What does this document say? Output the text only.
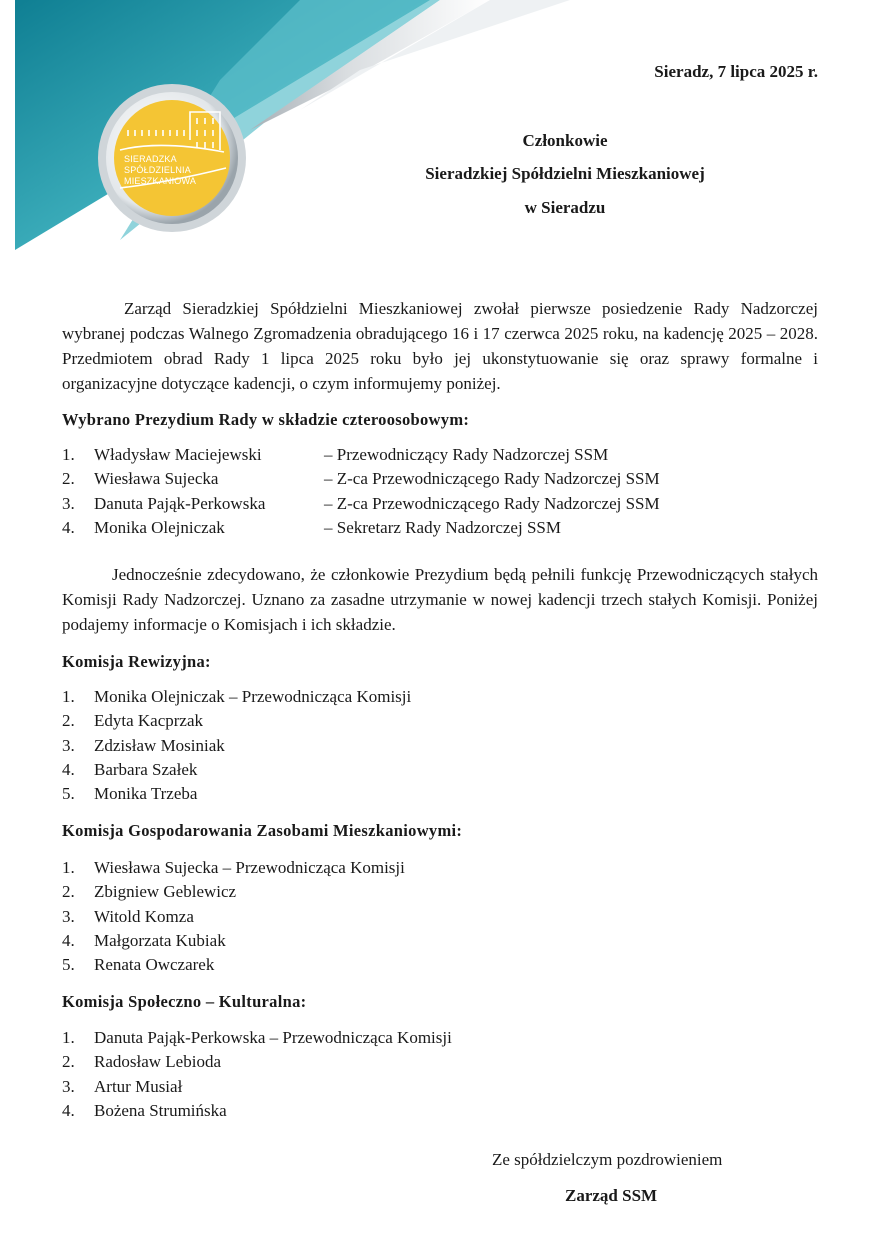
SIERADZKA
SPÓŁDZIELNIA
MIESZKANIOWA
Sieradz, 7 lipca 2025 r.
Członkowie
Sieradzkiej Spółdzielni Mieszkaniowej
w Sieradzu

Zarząd Sieradzkiej Spółdzielni Mieszkaniowej zwołał pierwsze posiedzenie Rady Nadzorczej wybranej podczas Walnego Zgromadzenia obradującego 16 i 17 czerwca 2025 roku, na kadencję 2025 – 2028. Przedmiotem obrad Rady 1 lipca 2025 roku było jej ukonstytuowanie się oraz sprawy formalne i organizacyjne dotyczące kadencji, o czym informujemy poniżej.

Wybrano Prezydium Rady w składzie czteroosobowym:
1. Władysław Maciejewski	– Przewodniczący Rady Nadzorczej SSM
2. Wiesława Sujecka	– Z-ca Przewodniczącego Rady Nadzorczej SSM
3. Danuta Pająk-Perkowska	– Z-ca Przewodniczącego Rady Nadzorczej SSM
4. Monika Olejniczak	– Sekretarz Rady Nadzorczej SSM

Jednocześnie zdecydowano, że członkowie Prezydium będą pełnili funkcję Przewodniczących stałych Komisji Rady Nadzorczej. Uznano za zasadne utrzymanie w nowej kadencji trzech stałych Komisji. Poniżej podajemy informacje o Komisjach i ich składzie.

Komisja Rewizyjna:
1. Monika Olejniczak – Przewodnicząca Komisji
2. Edyta Kacprzak
3. Zdzisław Mosiniak
4. Barbara Szałek
5. Monika Trzeba
Komisja Gospodarowania Zasobami Mieszkaniowymi:
1. Wiesława Sujecka – Przewodnicząca Komisji
2. Zbigniew Geblewicz
3. Witold Komza
4. Małgorzata Kubiak
5. Renata Owczarek
Komisja Społeczno – Kulturalna:
1. Danuta Pająk-Perkowska – Przewodnicząca Komisji
2. Radosław Lebioda
3. Artur Musiał
4. Bożena Strumińska
Ze spółdzielczym pozdrowieniem
Zarząd SSM
